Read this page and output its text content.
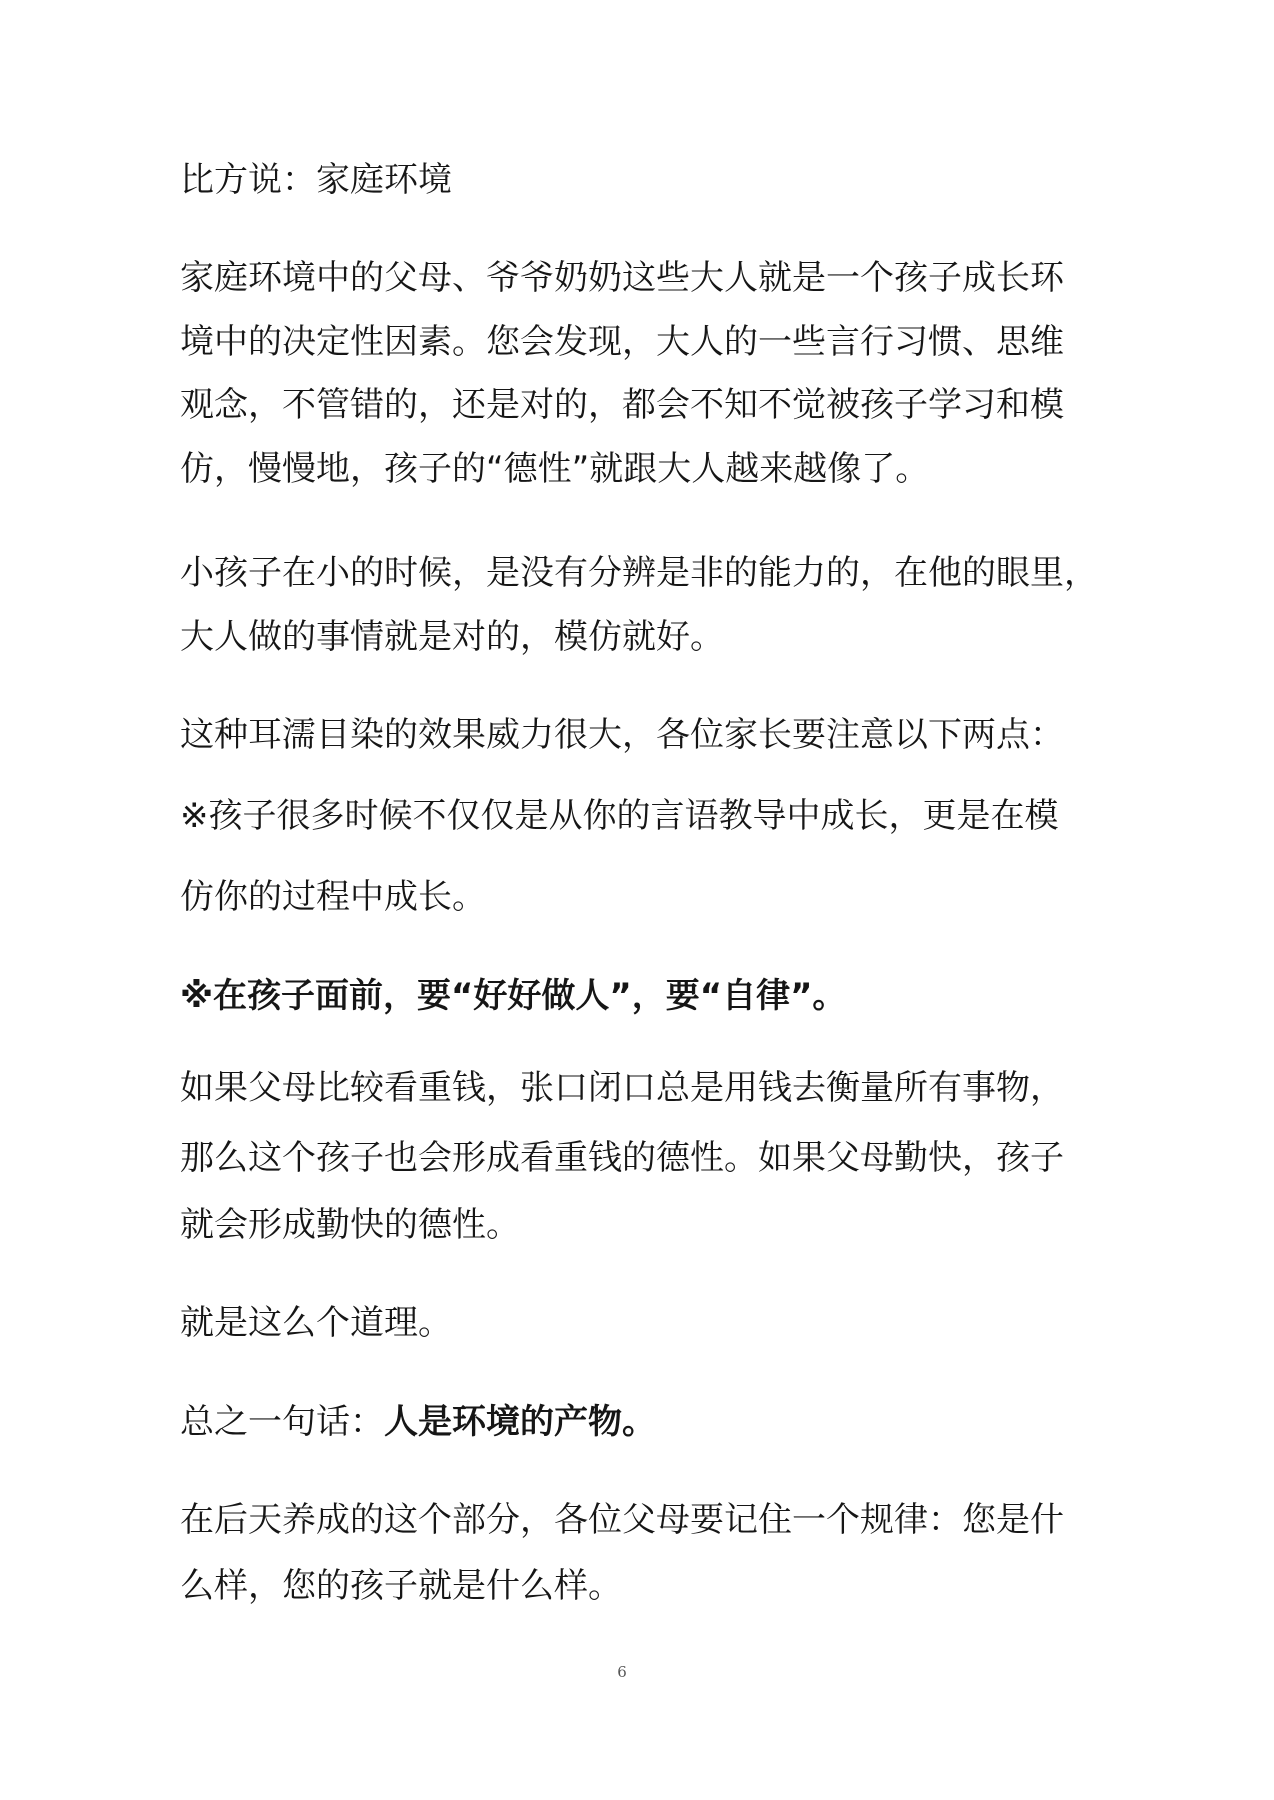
比方说：家庭环境
家庭环境中的父母、爷爷奶奶这些大人就是一个孩子成长环
境中的决定性因素。您会发现，大人的一些言行习惯、思维
观念，不管错的，还是对的，都会不知不觉被孩子学习和模
仿，慢慢地，孩子的“德性”就跟大人越来越像了。
小孩子在小的时候，是没有分辨是非的能力的，在他的眼里，
大人做的事情就是对的，模仿就好。
这种耳濡目染的效果威力很大，各位家长要注意以下两点：
※孩子很多时候不仅仅是从你的言语教导中成长，更是在模
仿你的过程中成长。
※在孩子面前，要“好好做人”，要“自律”。
如果父母比较看重钱，张口闭口总是用钱去衡量所有事物，
那么这个孩子也会形成看重钱的德性。如果父母勤快，孩子
就会形成勤快的德性。
就是这么个道理。
总之一句话：人是环境的产物。
在后天养成的这个部分，各位父母要记住一个规律：您是什
么样，您的孩子就是什么样。
6
